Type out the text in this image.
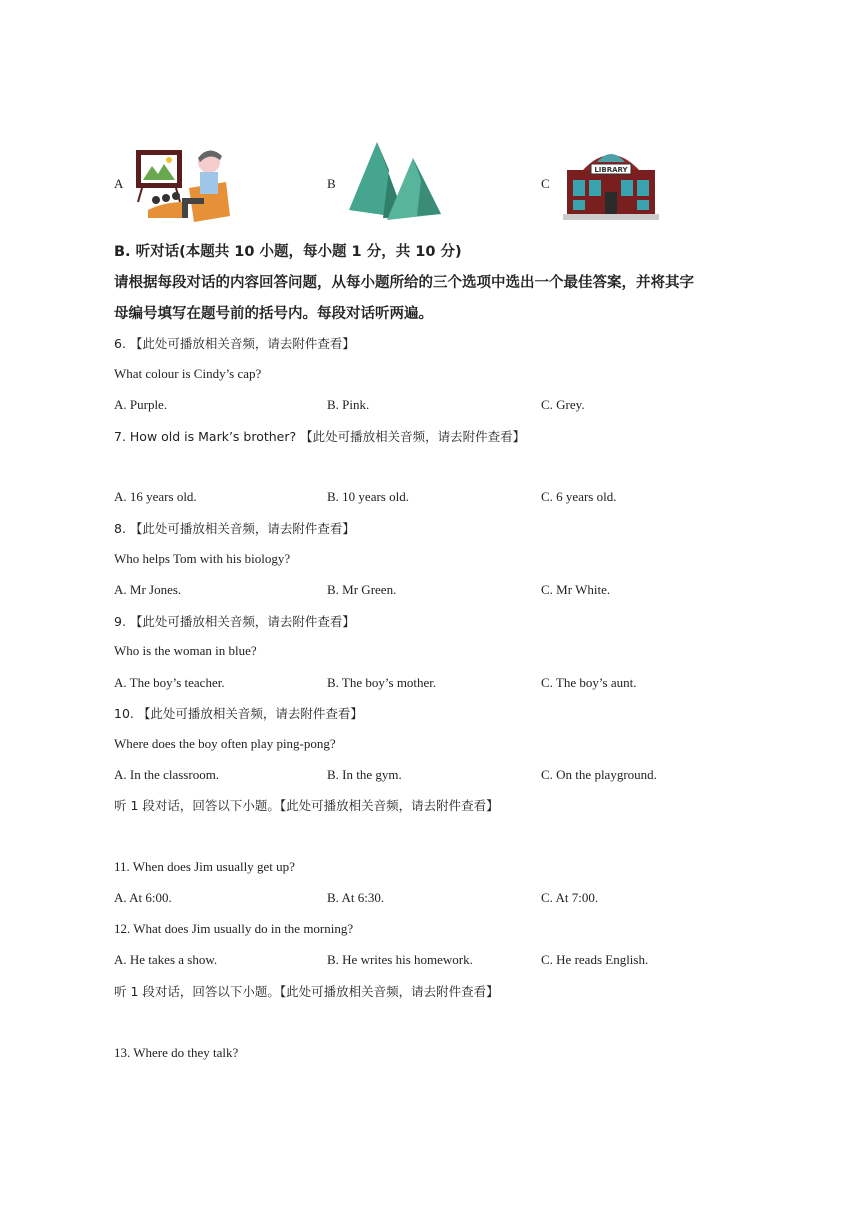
A	B	C
LIBRARY
B. 听对话(本题共 10 小题，每小题 1 分，共 10 分)
请根据每段对话的内容回答问题，从每小题所给的三个选项中选出一个最佳答案，并将其字
母编号填写在题号前的括号内。每段对话听两遍。
6. 【此处可播放相关音频，请去附件查看】
What colour is Cindy’s cap?
A. Purple.	B. Pink.	C. Grey.
7. How old is Mark’s brother? 【此处可播放相关音频，请去附件查看】
A. 16 years old.	B. 10 years old.	C. 6 years old.
8. 【此处可播放相关音频，请去附件查看】
Who helps Tom with his biology?
A. Mr Jones.	B. Mr Green.	C. Mr White.
9. 【此处可播放相关音频，请去附件查看】
Who is the woman in blue?
A. The boy’s teacher.	B. The boy’s mother.	C. The boy’s aunt.
10. 【此处可播放相关音频，请去附件查看】
Where does the boy often play ping-pong?
A. In the classroom.	B. In the gym.	C. On the playground.
听 1 段对话，回答以下小题。【此处可播放相关音频，请去附件查看】
11. When does Jim usually get up?
A. At 6:00.	B. At 6:30.	C. At 7:00.
12. What does Jim usually do in the morning?
A. He takes a show.	B. He writes his homework.	C. He reads English.
听 1 段对话，回答以下小题。【此处可播放相关音频，请去附件查看】
13. Where do they talk?
